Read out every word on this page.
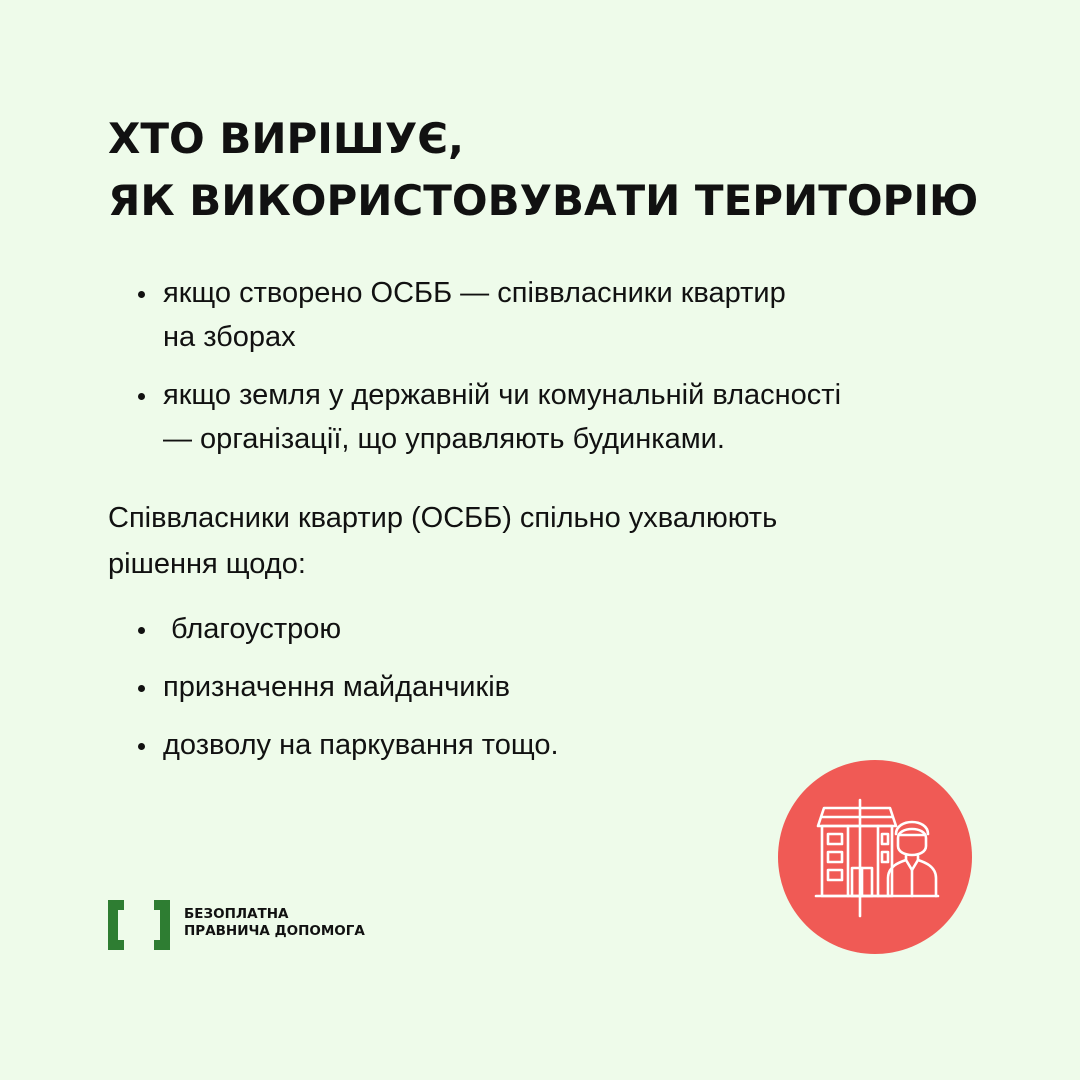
ХТО ВИРІШУЄ,
ЯК ВИКОРИСТОВУВАТИ ТЕРИТОРІЮ
якщо створено ОСББ — співвласники квартир
на зборах
якщо земля у державній чи комунальній власності
— організації, що управляють будинками.

Співвласники квартир (ОСББ) спільно ухвалюють
рішення щодо:

благоустрою
призначення майданчиків
дозволу на паркування тощо.
БЕЗОПЛАТНА
ПРАВНИЧА ДОПОМОГА
